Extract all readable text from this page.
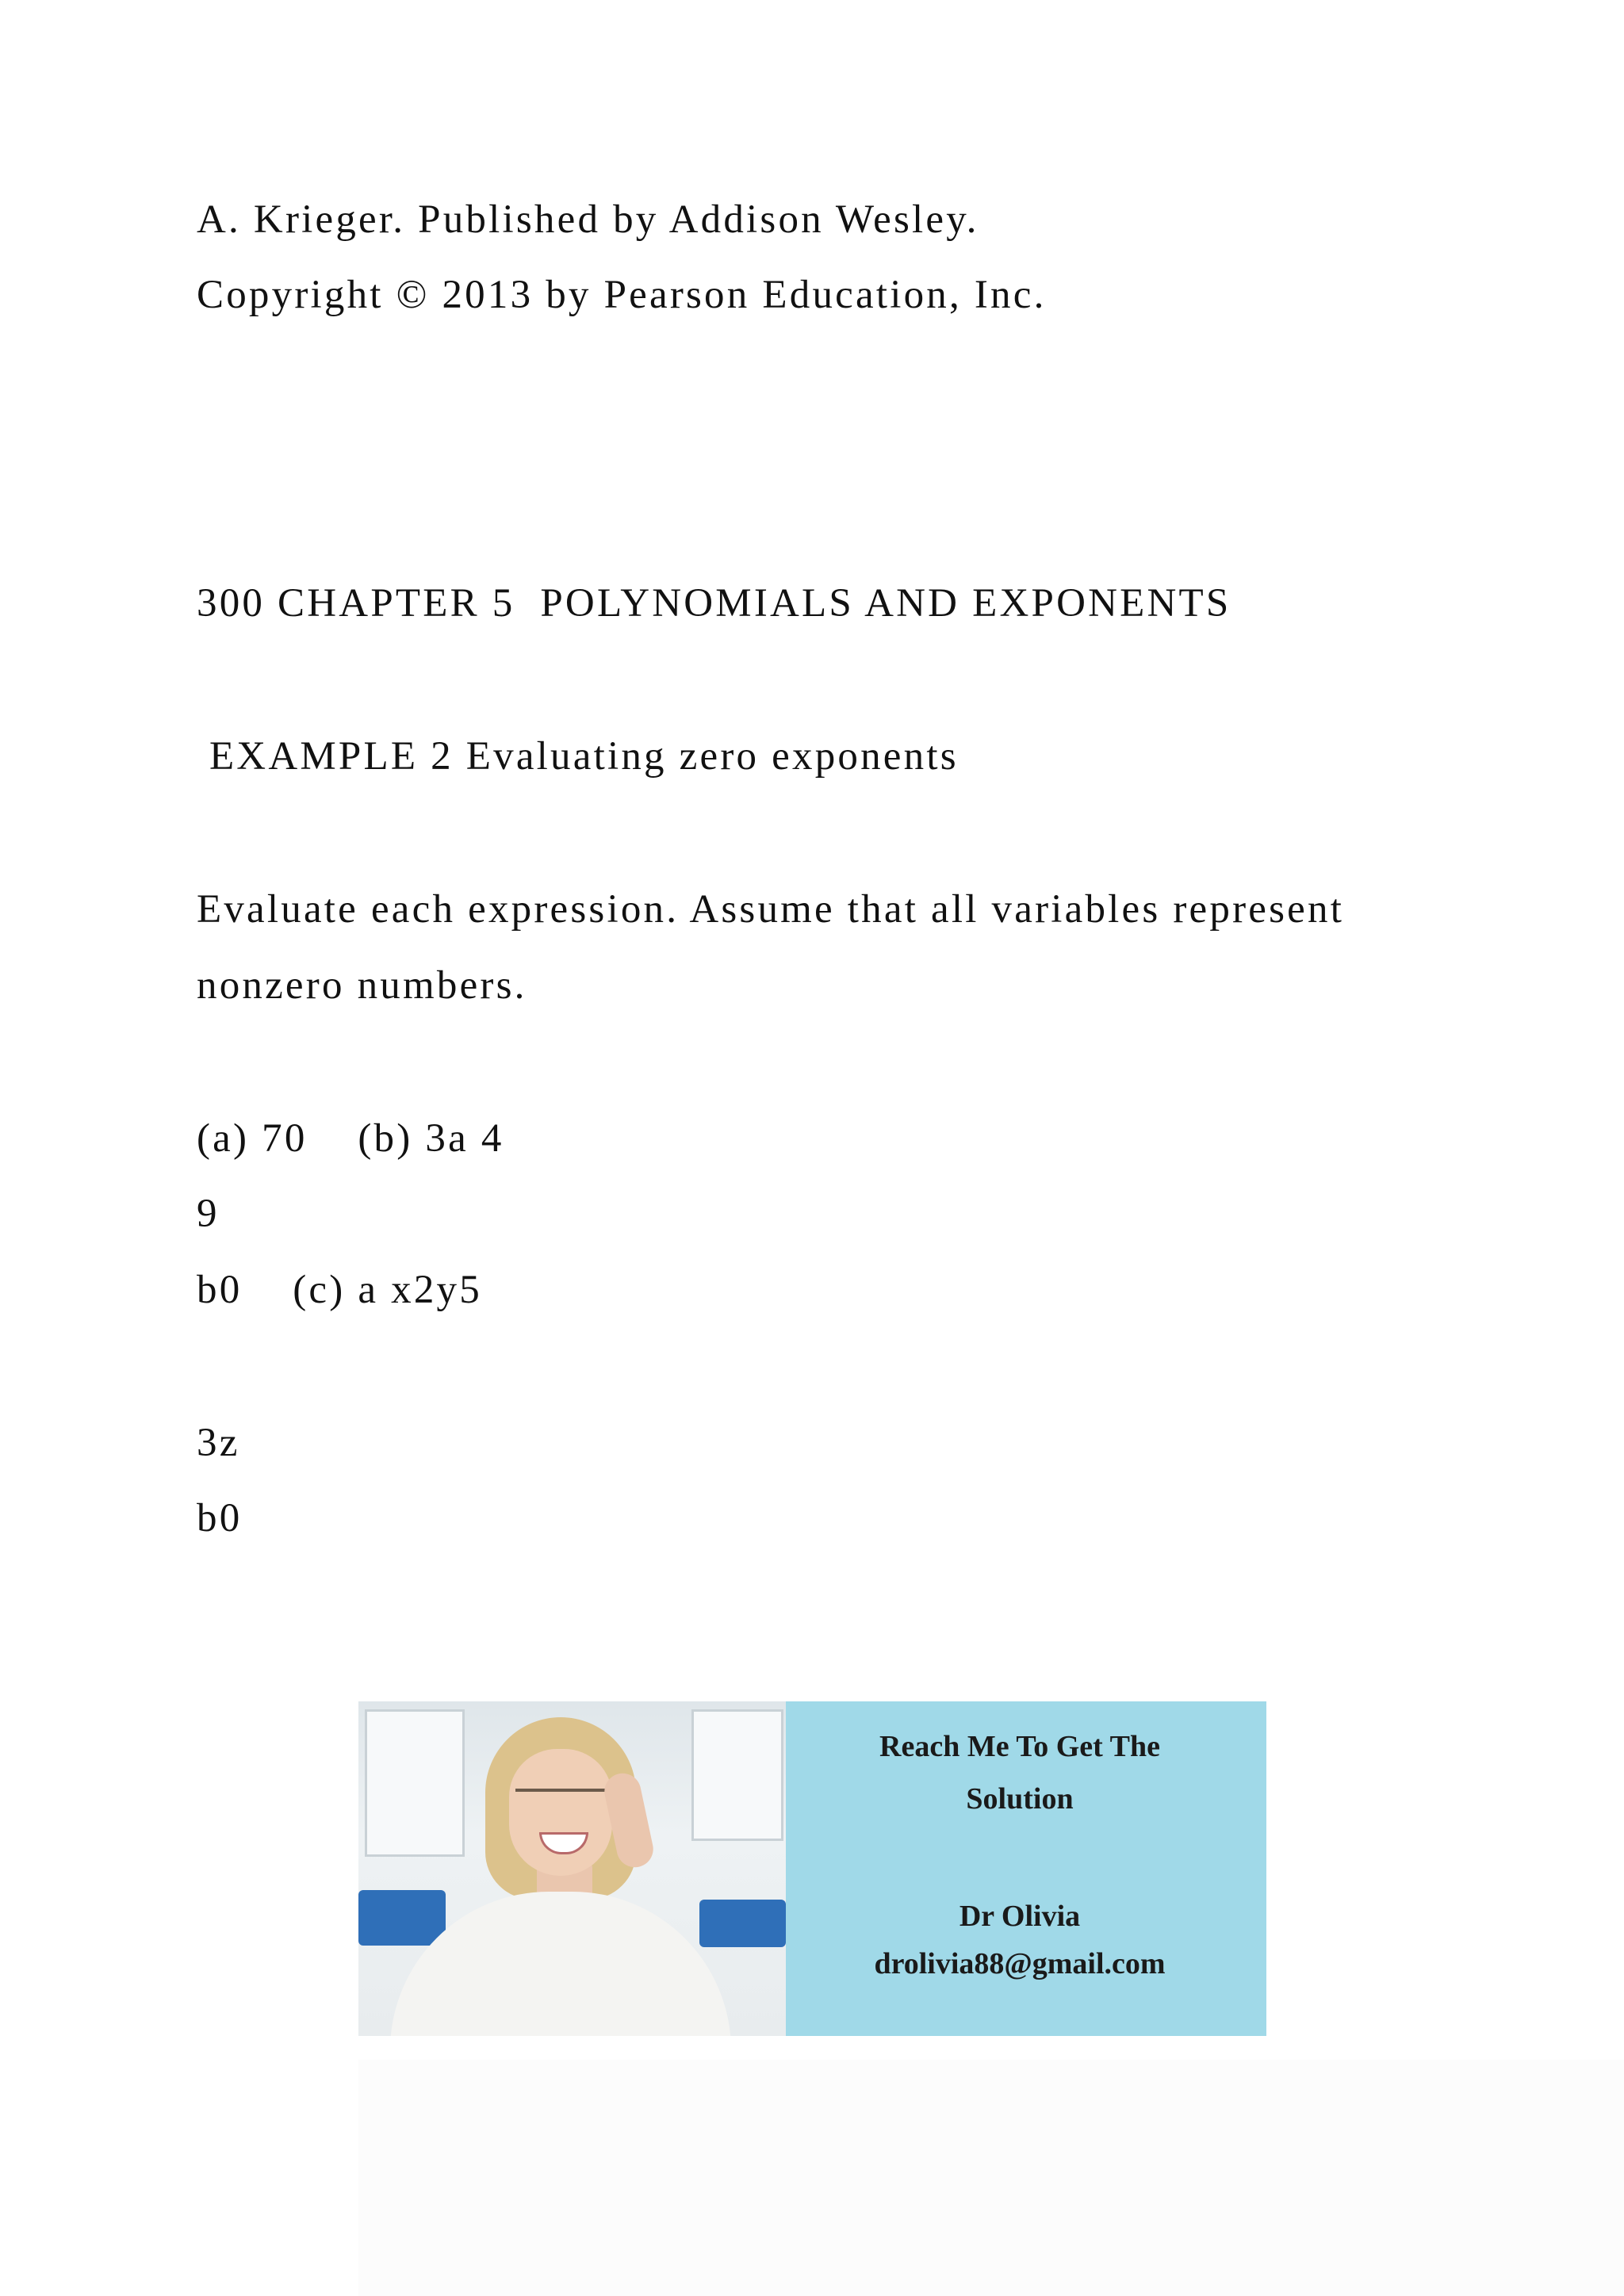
A. Krieger. Published by Addison Wesley.
Copyright © 2013 by Pearson Education, Inc.
300 CHAPTER 5  POLYNOMIALS AND EXPONENTS
EXAMPLE 2 Evaluating zero exponents
Evaluate each expression. Assume that all variables represent
nonzero numbers.
(a) 70    (b) 3a 4
9
b0    (c) a x2y5
3z
b0
Reach Me To Get The
Solution
Dr Olivia
drolivia88@gmail.com
